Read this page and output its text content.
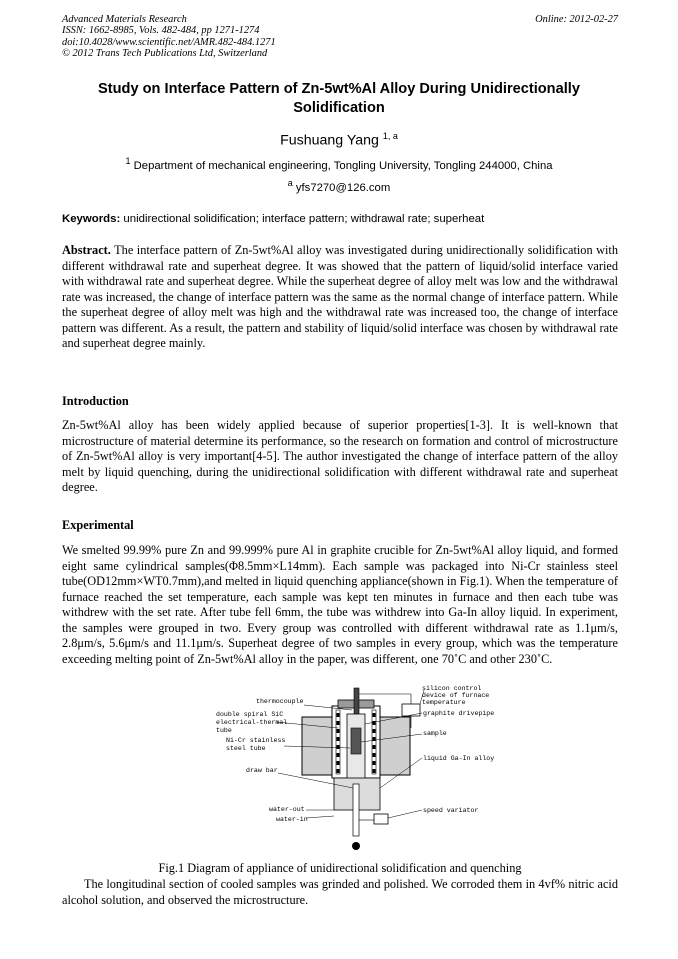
Advanced Materials Research
ISSN: 1662-8985, Vols. 482-484, pp 1271-1274
doi:10.4028/www.scientific.net/AMR.482-484.1271
© 2012 Trans Tech Publications Ltd, Switzerland
Online: 2012-02-27
Study on Interface Pattern of Zn-5wt%Al Alloy During Unidirectionally Solidification
Fushuang Yang $^{1, a}$
$^1$ Department of mechanical engineering, Tongling University, Tongling 244000, China
$^a$ yfs7270@126.com
Keywords: unidirectional solidification; interface pattern; withdrawal rate; superheat
Abstract. The interface pattern of Zn-5wt%Al alloy was investigated during unidirectionally solidification with different withdrawal rate and superheat degree. It was showed that the pattern of liquid/solid interface varied with withdrawal rate and superheat degree. While the superheat degree of alloy melt was low and the withdrawal rate was increased, the change of interface pattern was the same as the normal change of interface pattern. While the superheat degree of alloy melt was high and the withdrawal rate was increased too, the change of interface pattern was different. As a result, the pattern and stability of liquid/solid interface was chosen by withdrawal rate and superheat degree mainly.
Introduction
Zn-5wt%Al alloy has been widely applied because of superior properties[1-3]. It is well-known that microstructure of material determine its performance, so the research on formation and control of microstructure of Zn-5wt%Al alloy is very important[4-5]. The author investigated the change of interface pattern of the alloy melt by liquid quenching, during the unidirectional solidification with different withdrawal rate and superheat degree.
Experimental
We smelted 99.99% pure Zn and 99.999% pure Al in graphite crucible for Zn-5wt%Al alloy liquid, and formed eight same cylindrical samples(Φ8.5mm×L14mm). Each sample was packaged into Ni-Cr stainless steel tube(OD12mm×WT0.7mm),and melted in liquid quenching appliance(shown in Fig.1). When the temperature of furnace reached the set temperature, each sample was kept ten minutes in furnace and then each tube was withdrew with the set rate. After tube fell 6mm, the tube was withdrew into Ga-In alloy liquid. In experiment, the samples were grouped in two. Every group was controlled with different withdrawal rate as 1.1μm/s, 2.8μm/s, 5.6μm/s and 11.1μm/s. Superheat degree of two samples in every group, which was the temperature exceeding melting point of Zn-5wt%Al alloy in the paper, was different, one 70˚C and other 230˚C.
thermocouple
double spiral SiC
electrical-thermal
tube
Ni-Cr stainless
steel tube
draw bar
water-out
water-in
silicon control
device of furnace
temperature
graphite drivepipe
sample
liquid Ga-In alloy
speed variator
Fig.1 Diagram of appliance of unidirectional solidification and quenching
The longitudinal section of cooled samples was grinded and polished. We corroded them in 4vf% nitric acid alcohol solution, and observed the microstructure.
